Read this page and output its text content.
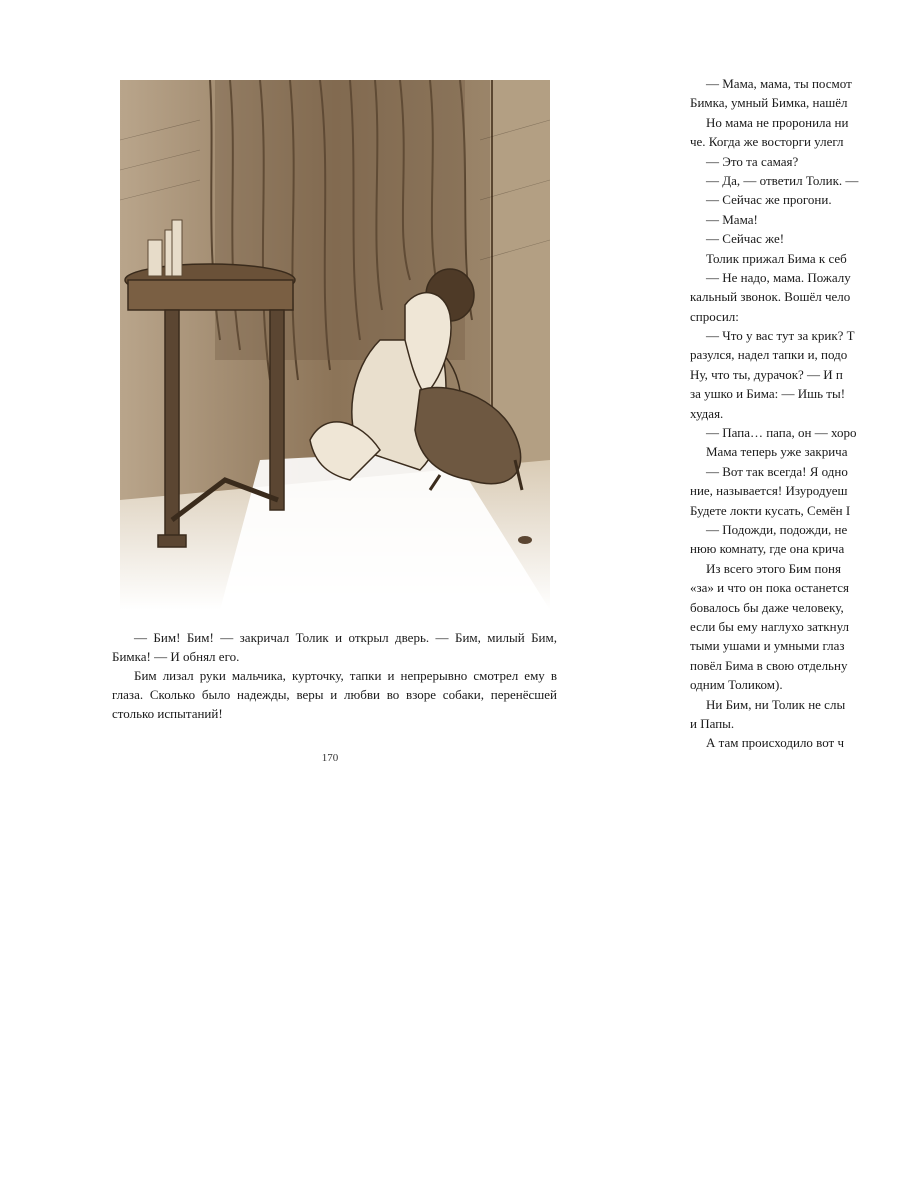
— Бим! Бим! — закричал Толик и открыл дверь. — Бим, милый Бим, Бимка! — И обнял его.

Бим лизал руки мальчика, курточку, тапки и непрерывно смотрел ему в глаза. Сколько было надежды, веры и любви во взоре собаки, перенёсшей столько испытаний!

170
— Мама, мама, ты посмот
Бимка, умный Бимка, нашёл
Но мама не проронила ни
че. Когда же восторги улегл
— Это та самая?
— Да, — ответил Толик. —
— Сейчас же прогони.
— Мама!
— Сейчас же!
Толик прижал Бима к себ
— Не надо, мама. Пожалу
кальный звонок. Вошёл чело
спросил:
— Что у вас тут за крик? Т
разулся, надел тапки и, подо
Ну, что ты, дурачок? — И п
за ушко и Бима: — Ишь ты!
худая.
— Папа… папа, он — хоро
Мама теперь уже закрича
— Вот так всегда! Я одно
ние, называется! Изуродуеш
Будете локти кусать, Семён I
— Подожди, подожди, не
нюю комнату, где она крича
Из всего этого Бим поня
«за» и что он пока останется
бовалось бы даже человеку,
если бы ему наглухо заткнул
тыми ушами и умными глаз
повёл Бима в свою отдельну
одним Толиком).
Ни Бим, ни Толик не слы
и Папы.
А там происходило вот ч
